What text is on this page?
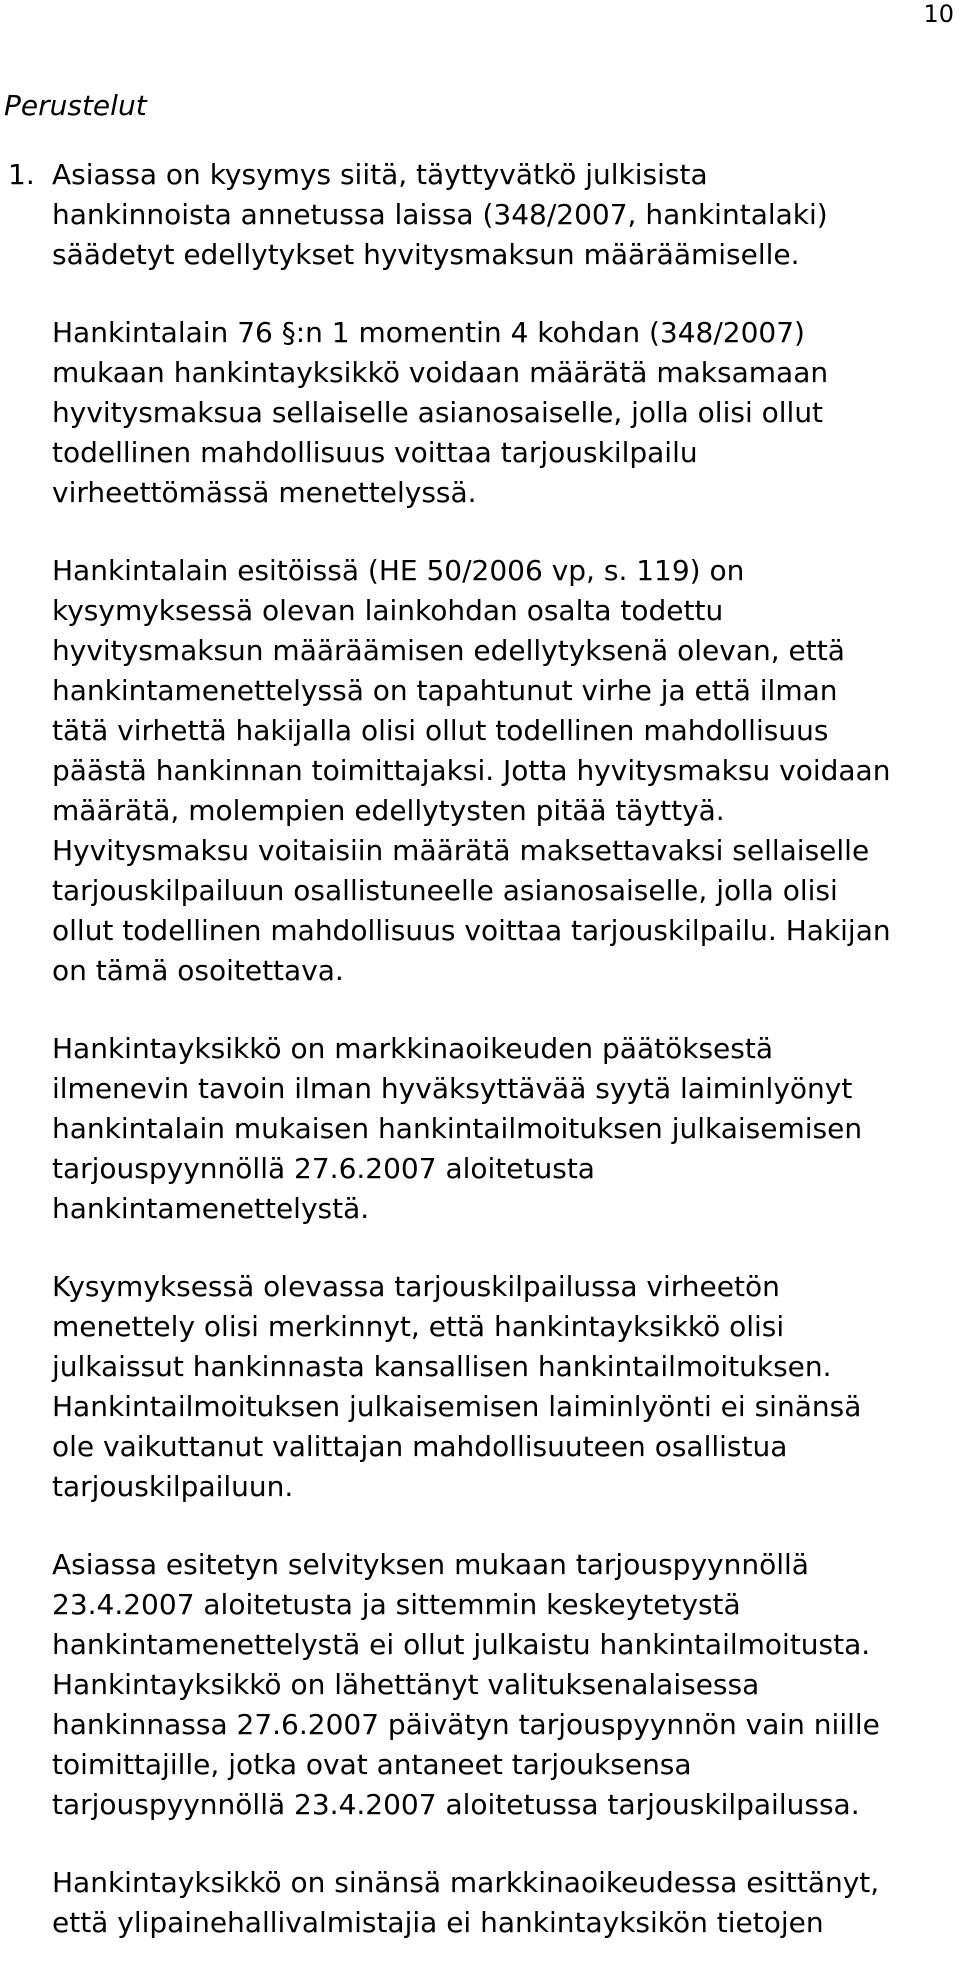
10
Perustelut
1. Asiassa on kysymys siitä, täyttyvätkö julkisista
hankinnoista annetussa laissa (348/2007, hankintalaki)
säädetyt edellytykset hyvitysmaksun määräämiselle.
Hankintalain 76 §:n 1 momentin 4 kohdan (348/2007)
mukaan hankintayksikkö voidaan määrätä maksamaan
hyvitysmaksua sellaiselle asianosaiselle, jolla olisi ollut
todellinen mahdollisuus voittaa tarjouskilpailu
virheettömässä menettelyssä.
Hankintalain esitöissä (HE 50/2006 vp, s. 119) on
kysymyksessä olevan lainkohdan osalta todettu
hyvitysmaksun määräämisen edellytyksenä olevan, että
hankintamenettelyssä on tapahtunut virhe ja että ilman
tätä virhettä hakijalla olisi ollut todellinen mahdollisuus
päästä hankinnan toimittajaksi. Jotta hyvitysmaksu voidaan
määrätä, molempien edellytysten pitää täyttyä.
Hyvitysmaksu voitaisiin määrätä maksettavaksi sellaiselle
tarjouskilpailuun osallistuneelle asianosaiselle, jolla olisi
ollut todellinen mahdollisuus voittaa tarjouskilpailu. Hakijan
on tämä osoitettava.
Hankintayksikkö on markkinaoikeuden päätöksestä
ilmenevin tavoin ilman hyväksyttävää syytä laiminlyönyt
hankintalain mukaisen hankintailmoituksen julkaisemisen
tarjouspyynnöllä 27.6.2007 aloitetusta
hankintamenettelystä.
Kysymyksessä olevassa tarjouskilpailussa virheetön
menettely olisi merkinnyt, että hankintayksikkö olisi
julkaissut hankinnasta kansallisen hankintailmoituksen.
Hankintailmoituksen julkaisemisen laiminlyönti ei sinänsä
ole vaikuttanut valittajan mahdollisuuteen osallistua
tarjouskilpailuun.
Asiassa esitetyn selvityksen mukaan tarjouspyynnöllä
23.4.2007 aloitetusta ja sittemmin keskeytetystä
hankintamenettelystä ei ollut julkaistu hankintailmoitusta.
Hankintayksikkö on lähettänyt valituksenalaisessa
hankinnassa 27.6.2007 päivätyn tarjouspyynnön vain niille
toimittajille, jotka ovat antaneet tarjouksensa
tarjouspyynnöllä 23.4.2007 aloitetussa tarjouskilpailussa.
Hankintayksikkö on sinänsä markkinaoikeudessa esittänyt,
että ylipainehallivalmistajia ei hankintayksikön tietojen
